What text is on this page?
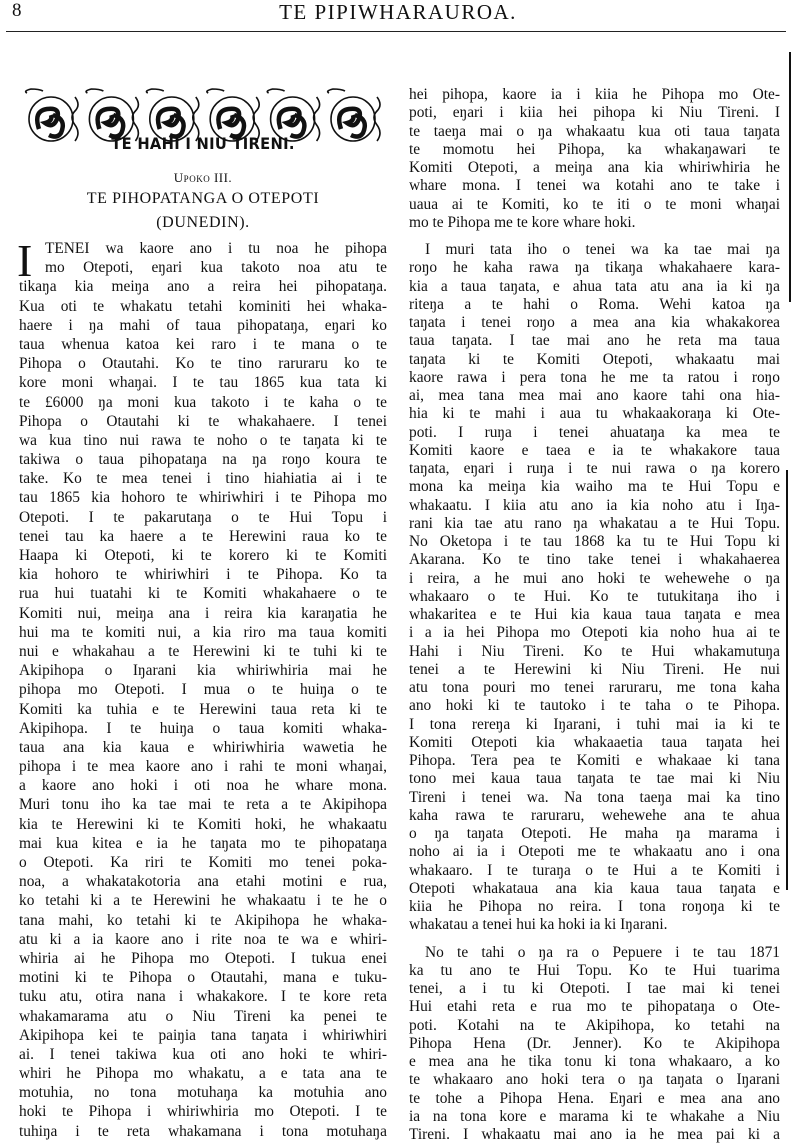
8	TE PIPIWHARAUROA.
TE HAHI I NIU TIRENI.
Upoko III.
TE PIHOPATANGA O OTEPOTI
(DUNEDIN).
I TENEI wa kaore ano i tu noa he pihopa
mo Otepoti, eŋari kua takoto noa atu te
tikaŋa kia meiŋa ano a reira hei pihopataŋa.
Kua oti te whakatu tetahi kominiti hei whaka-
haere i ŋa mahi of taua pihopataŋa, eŋari ko
taua whenua katoa kei raro i te mana o te
Pihopa o Otautahi. Ko te tino raruraru ko te
kore moni whaŋai. I te tau 1865 kua tata ki
te £6000 ŋa moni kua takoto i te kaha o te
Pihopa o Otautahi ki te whakahaere. I tenei
wa kua tino nui rawa te noho o te taŋata ki te
takiwa o taua pihopataŋa na ŋa roŋo koura te
take. Ko te mea tenei i tino hiahiatia ai i te
tau 1865 kia hohoro te whiriwhiri i te Pihopa mo
Otepoti. I te pakarutaŋa o te Hui Topu i
tenei tau ka haere a te Herewini raua ko te
Haapa ki Otepoti, ki te korero ki te Komiti
kia hohoro te whiriwhiri i te Pihopa. Ko ta
rua hui tuatahi ki te Komiti whakahaere o te
Komiti nui, meiŋa ana i reira kia karaŋatia he
hui ma te komiti nui, a kia riro ma taua komiti
nui e whakahau a te Herewini ki te tuhi ki te
Akipihopa o Iŋarani kia whiriwhiria mai he
pihopa mo Otepoti. I mua o te huiŋa o te
Komiti ka tuhia e te Herewini taua reta ki te
Akipihopa. I te huiŋa o taua komiti whaka-
taua ana kia kaua e whiriwhiria wawetia he
pihopa i te mea kaore ano i rahi te moni whaŋai,
a kaore ano hoki i oti noa he whare mona.
Muri tonu iho ka tae mai te reta a te Akipihopa
kia te Herewini ki te Komiti hoki, he whakaatu
mai kua kitea e ia he taŋata mo te pihopataŋa
o Otepoti. Ka riri te Komiti mo tenei poka-
noa, a whakatakotoria ana etahi motini e rua,
ko tetahi ki a te Herewini he whakaatu i te he o
tana mahi, ko tetahi ki te Akipihopa he whaka-
atu ki a ia kaore ano i rite noa te wa e whiri-
whiria ai he Pihopa mo Otepoti. I tukua enei
motini ki te Pihopa o Otautahi, mana e tuku-
tuku atu, otira nana i whakakore. I te kore reta
whakamarama atu o Niu Tireni ka penei te
Akipihopa kei te paiŋia tana taŋata i whiriwhiri
ai. I tenei takiwa kua oti ano hoki te whiri-
whiri he Pihopa mo whakatu, a e tata ana te
motuhia, no tona motuhaŋa ka motuhia ano
hoki te Pihopa i whiriwhiria mo Otepoti. I te
tuhiŋa i te reta whakamana i tona motuhaŋa
hei pihopa, kaore ia i kiia he Pihopa mo Ote-
poti, eŋari i kiia hei pihopa ki Niu Tireni. I
te taeŋa mai o ŋa whakaatu kua oti taua taŋata
te momotu hei Pihopa, ka whakaŋawari te
Komiti Otepoti, a meiŋa ana kia whiriwhiria he
whare mona. I tenei wa kotahi ano te take i
uaua ai te Komiti, ko te iti o te moni whaŋai
mo te Pihopa me te kore whare hoki.
I muri tata iho o tenei wa ka tae mai ŋa
roŋo he kaha rawa ŋa tikaŋa whakahaere kara-
kia a taua taŋata, e ahua tata atu ana ia ki ŋa
riteŋa a te hahi o Roma. Wehi katoa ŋa
taŋata i tenei roŋo a mea ana kia whakakorea
taua taŋata. I tae mai ano he reta ma taua
taŋata ki te Komiti Otepoti, whakaatu mai
kaore rawa i pera tona he me ta ratou i roŋo
ai, mea tana mea mai ano kaore tahi ona hia-
hia ki te mahi i aua tu whakaakoraŋa ki Ote-
poti. I ruŋa i tenei ahuataŋa ka mea te
Komiti kaore e taea e ia te whakakore taua
taŋata, eŋari i ruŋa i te nui rawa o ŋa korero
mona ka meiŋa kia waiho ma te Hui Topu e
whakaatu. I kiia atu ano ia kia noho atu i Iŋa-
rani kia tae atu rano ŋa whakatau a te Hui Topu.
No Oketopa i te tau 1868 ka tu te Hui Topu ki
Akarana. Ko te tino take tenei i whakahaerea
i reira, a he mui ano hoki te wehewehe o ŋa
whakaaro o te Hui. Ko te tutukitaŋa iho i
whakaritea e te Hui kia kaua taua taŋata e mea
i a ia hei Pihopa mo Otepoti kia noho hua ai te
Hahi i Niu Tireni. Ko te Hui whakamutuŋa
tenei a te Herewini ki Niu Tireni. He nui
atu tona pouri mo tenei raruraru, me tona kaha
ano hoki ki te tautoko i te taha o te Pihopa.
I tona rereŋa ki Iŋarani, i tuhi mai ia ki te
Komiti Otepoti kia whakaaetia taua taŋata hei
Pihopa. Tera pea te Komiti e whakaae ki tana
tono mei kaua taua taŋata te tae mai ki Niu
Tireni i tenei wa. Na tona taeŋa mai ka tino
kaha rawa te raruraru, wehewehe ana te ahua
o ŋa taŋata Otepoti. He maha ŋa marama i
noho ai ia i Otepoti me te whakaatu ano i ona
whakaaro. I te turaŋa o te Hui a te Komiti i
Otepoti whakataua ana kia kaua taua taŋata e
kiia he Pihopa no reira. I tona roŋoŋa ki te
whakatau a tenei hui ka hoki ia ki Iŋarani.
No te tahi o ŋa ra o Pepuere i te tau 1871
ka tu ano te Hui Topu. Ko te Hui tuarima
tenei, a i tu ki Otepoti. I tae mai ki tenei
Hui etahi reta e rua mo te pihopataŋa o Ote-
poti. Kotahi na te Akipihopa, ko tetahi na
Pihopa Hena (Dr. Jenner). Ko te Akipihopa
e mea ana he tika tonu ki tona whakaaro, a ko
te whakaaro ano hoki tera o ŋa taŋata o Iŋarani
te tohe a Pihopa Hena. Eŋari e mea ana ano
ia na tona kore e marama ki te whakahe a Niu
Tireni. I whakaatu mai ano ia he mea pai ki a
